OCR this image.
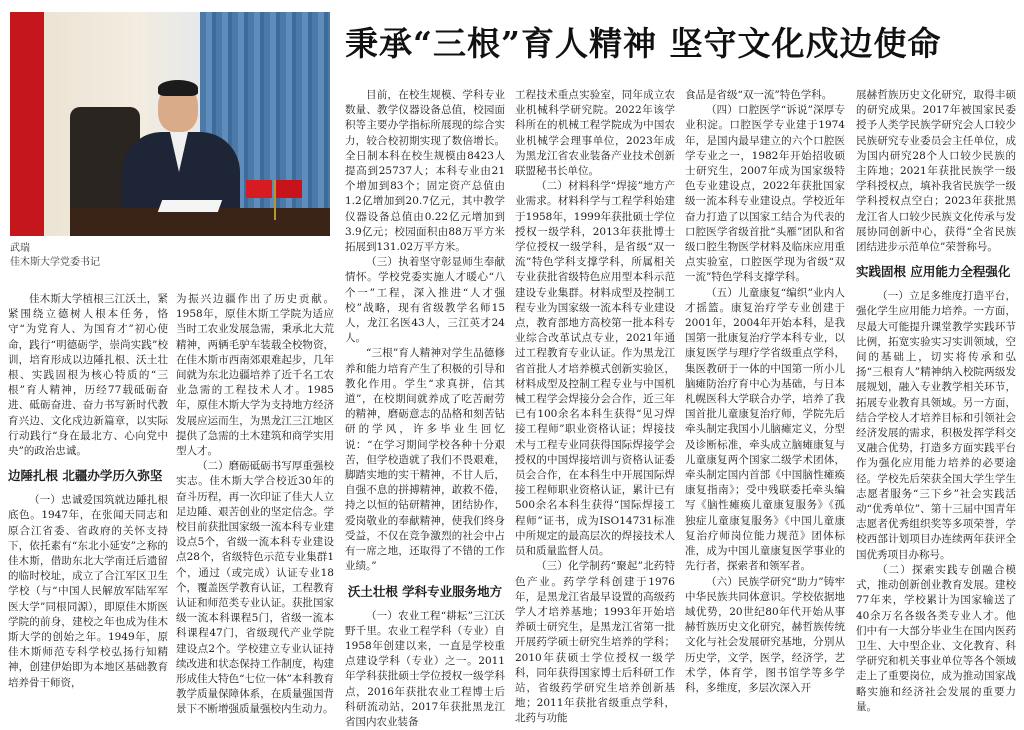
武瑞
佳木斯大学党委书记
秉承“三根”育人精神 坚守文化戍边使命

佳木斯大学植根三江沃土，紧紧围绕立德树人根本任务，恪守“为党育人、为国育才”初心使命，践行“明德砺学，崇尚实践”校训，培育形成以边陲扎根、沃土壮根、实践固根为核心特质的“三根”育人精神，历经77载砥砺奋进、砥砺奋进、奋力书写新时代教育兴边、文化戍边新篇章，以实际行动践行“身在最北方、心向党中央”的政治忠诚。

边陲扎根 北疆办学历久弥坚

（一）忠诚爱国筑就边陲扎根底色。1947年，在张闻天同志和原合江省委、省政府的关怀支持下，依托素有“东北小延安”之称的佳木斯，借助东北大学南迁后遗留的临时校址，成立了合江军区卫生学校（与“中国人民解放军陆军军医大学”同根同源），即原佳木斯医学院的前身，建校之年也成为佳木斯大学的创始之年。1949年，原佳木斯师范专科学校弘扬行知精神，创建伊始即为本地区基础教育培养骨干师资，

为振兴边疆作出了历史贡献。1958年，原佳木斯工学院为适应当时工农业发展急需，秉承北大荒精神，两辆毛驴车装载全校物资，在佳木斯市西南郊艰难起步，几年间就为东北边疆培养了近千名工农业急需的工程技术人才。1985年，原佳木斯大学为支持地方经济发展应运而生，为黑龙江三江地区提供了急需的土木建筑和商学实用型人才。

（二）磨砺砥砺书写厚重强校实志。佳木斯大学合校近30年的奋斗历程，再一次印证了佳大人立足边陲、艰苦创业的坚定信念。学校目前获批国家级一流本科专业建设点5个，省级一流本科专业建设点28个，省级特色示范专业集群1个，通过（或完成）认证专业18个，覆盖医学教育认证，工程教育认证和师范类专业认证。获批国家级一流本科课程5门，省级一流本科课程47门，省级现代产业学院建设点2个。学校建立专业认证持续改进和状态保持工作制度，构建形成佳大特色“七位一体”本科教育教学质量保障体系，在质量强国背景下不断增强质量强校内生动力。

目前，在校生规模、学科专业数量、教学仪器设备总值，校园面积等主要办学指标所展现的综合实力，较合校初期实现了数倍增长。全日制本科在校生规模由8423人提高到25737人；本科专业由21个增加到83个；固定资产总值由1.2亿增加到20.7亿元，其中教学仪器设备总值由0.22亿元增加到3.9亿元；校园面积由88万平方米拓展到131.02万平方米。

（三）执着坚守彰显师生奉献情怀。学校党委实施人才暖心“八个一”工程，深入推进“人才强校”战略，现有省级教学名师15人，龙江名医43人，三江英才24人。

“三根”育人精神对学生品德修养和能力培育产生了积极的引导和教化作用。学生“求真拼，信其道”，在校期间就养成了吃苦耐劳的精神，磨砺意志的品格和刻苦钻研的学风，许多毕业生回忆说：“在学习期间学校各种十分艰苦，但学校造就了我们不畏艰难，脚踏实地的实干精神，不甘人后，自强不息的拼搏精神，敢救不倦，持之以恒的钻研精神，团结协作，爱岗敬业的奉献精神，使我们终身受益，不仅在竞争激烈的社会中占有一席之地，还取得了不错的工作业绩。”

沃土壮根 学科专业服务地方

（一）农业工程“耕耘”三江沃野千里。农业工程学科（专业）自1958年创建以来，一直是学校重点建设学科（专业）之一。2011年学科获批硕士学位授权一级学科点，2016年获批农业工程博士后科研流动站，2017年获批黑龙江省国内农业装备

工程技术重点实验室，同年成立农业机械科学研究院。2022年该学科所在的机械工程学院成为中国农业机械学会理事单位，2023年成为黑龙江省农业装备产业技术创新联盟秘书长单位。

（二）材料科学“焊接”地方产业需求。材料科学与工程学科始建于1958年，1999年获批硕士学位授权一级学科，2013年获批博士学位授权一级学科，是省级“双一流”特色学科支撑学科，所属相关专业获批省级特色应用型本科示范建设专业集群。材料成型及控制工程专业为国家级一流本科专业建设点，教育部地方高校第一批本科专业综合改革试点专业，2021年通过工程教育专业认证。作为黑龙江省首批人才培养模式创新实验区，材料成型及控制工程专业与中国机械工程学会焊接分会合作，近三年已有100余名本科生获得“见习焊接工程师”职业资格认证；焊接技术与工程专业同获得国际焊接学会授权的中国焊接培训与资格认证委员会合作，在本科生中开展国际焊接工程师职业资格认证，累计已有500余名本科生获得“国际焊接工程师”证书，成为ISO14731标准中所规定的最高层次的焊接技术人员和质量监督人员。

（三）化学制药“聚起”北药特色产业。药学学科创建于1976年，是黑龙江省最早设置的高级药学人才培养基地；1993年开始培养硕士研究生，是黑龙江省第一批开展药学硕士研究生培养的学科；2010年获硕士学位授权一级学科，同年获得国家博士后科研工作站，省级药学研究生培养创新基地；2011年获批省级重点学科，北药与功能

食品是省级“双一流”特色学科。

（四）口腔医学“诉说”深厚专业积淀。口腔医学专业建于1974年，是国内最早建立的六个口腔医学专业之一，1982年开始招收硕士研究生，2007年成为国家级特色专业建设点，2022年获批国家级一流本科专业建设点。学校近年奋力打造了以国家工结合为代表的口腔医学省级首批“头雁”团队和省级口腔生物医学材料及临床应用重点实验室，口腔医学现为省级“双一流”特色学科支撑学科。

（五）儿童康复“编织”业内人才摇篮。康复治疗学专业创建于2001年，2004年开始本科，是我国第一批康复治疗学本科专业，以康复医学与理疗学省级重点学科，集医教研于一体的中国第一所小儿脑瘫防治疗育中心为基础，与日本札幌医科大学联合办学，培养了我国首批儿童康复治疗师，学院先后牵头制定我国小儿脑瘫定义，分型及诊断标准，牵头成立脑瘫康复与儿童康复两个国家二级学术团体，牵头制定国内首部《中国脑性瘫痪康复指南》；受中残联委托牵头编写《脑性瘫痪儿童康复服务》《孤独症儿童康复服务》《中国儿童康复治疗师岗位能力规范》团体标准，成为中国儿童康复医学事业的先行者，探索者和领军者。

（六）民族学研究“助力”铸牢中华民族共同体意识。学校依据地域优势，20世纪80年代开始从事赫哲族历史文化研究，赫哲族传统文化与社会发展研究基地，分别从历史学，文学，医学，经济学，艺术学，体育学，图书馆学等多学科，多维度，多层次深入开

展赫哲族历史文化研究，取得丰硕的研究成果。2017年被国家民委授予人类学民族学研究会人口较少民族研究专业委员会主任单位，成为国内研究28个人口较少民族的主阵地；2021年获批民族学一级学科授权点，填补我省民族学一级学科授权点空白；2023年获批黑龙江省人口较少民族文化传承与发展协同创新中心，获得“全省民族团结进步示范单位”荣誉称号。

实践固根 应用能力全程强化

（一）立足多维度打造平台，强化学生应用能力培养。一方面，尽最大可能提升课堂教学实践环节比例，拓宽实验实习实训领域，空间的基础上，切实将传承和弘扬“三根育人”精神纳入校院两级发展规划，融入专业教学相关环节，拓展专业教育具领域。另一方面，结合学校人才培养目标和引领社会经济发展的需求，积极发挥学科交叉融合优势，打造多方面实践平台作为强化应用能力培养的必要途径。学校先后荣获全国大学生学生志愿者服务“三下乡”社会实践活动“优秀单位”、第十三届中国青年志愿者优秀组织奖等多项荣誉，学校西部计划项目办连续两年获评全国优秀项目办称号。

（二）探索实践专创融合模式，推动创新创业教育发展。建校77年来，学校累计为国家输送了40余万名各级各类专业人才。他们中有一大部分毕业生在国内医药卫生、大中型企业、文化教育、科学研究和机关事业单位等各个领域走上了重要岗位，成为推动国家战略实施和经济社会发展的重要力量。
